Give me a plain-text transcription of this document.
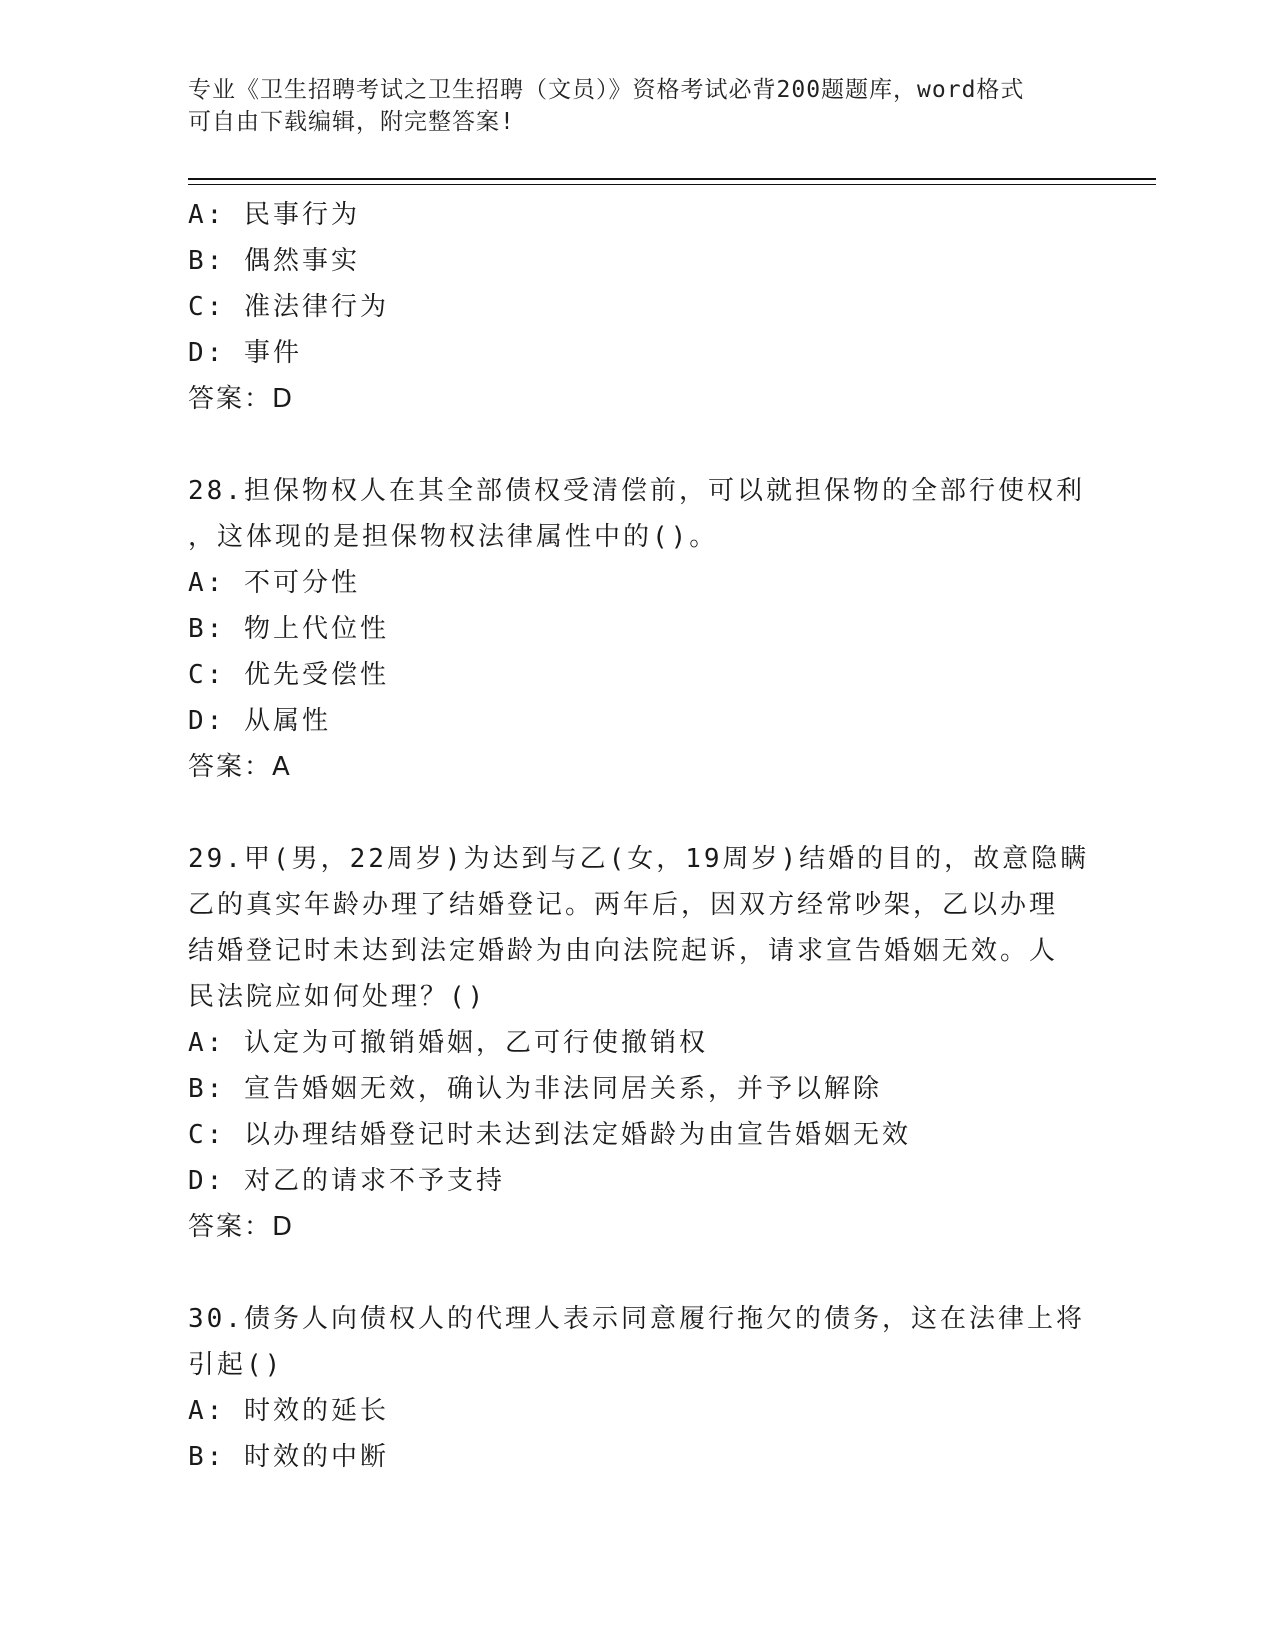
专业《卫生招聘考试之卫生招聘（文员）》资格考试必背200题题库，word格式
可自由下载编辑，附完整答案!
A: 民事行为
B: 偶然事实
C: 准法律行为
D: 事件
答案：D
28.担保物权人在其全部债权受清偿前，可以就担保物的全部行使权利
，这体现的是担保物权法律属性中的()。
A: 不可分性
B: 物上代位性
C: 优先受偿性
D: 从属性
答案：A
29.甲(男，22周岁)为达到与乙(女，19周岁)结婚的目的，故意隐瞒
乙的真实年龄办理了结婚登记。两年后，因双方经常吵架，乙以办理
结婚登记时未达到法定婚龄为由向法院起诉，请求宣告婚姻无效。人
民法院应如何处理？()
A: 认定为可撤销婚姻，乙可行使撤销权
B: 宣告婚姻无效，确认为非法同居关系，并予以解除
C: 以办理结婚登记时未达到法定婚龄为由宣告婚姻无效
D: 对乙的请求不予支持
答案：D
30.债务人向债权人的代理人表示同意履行拖欠的债务，这在法律上将
引起()
A: 时效的延长
B: 时效的中断
